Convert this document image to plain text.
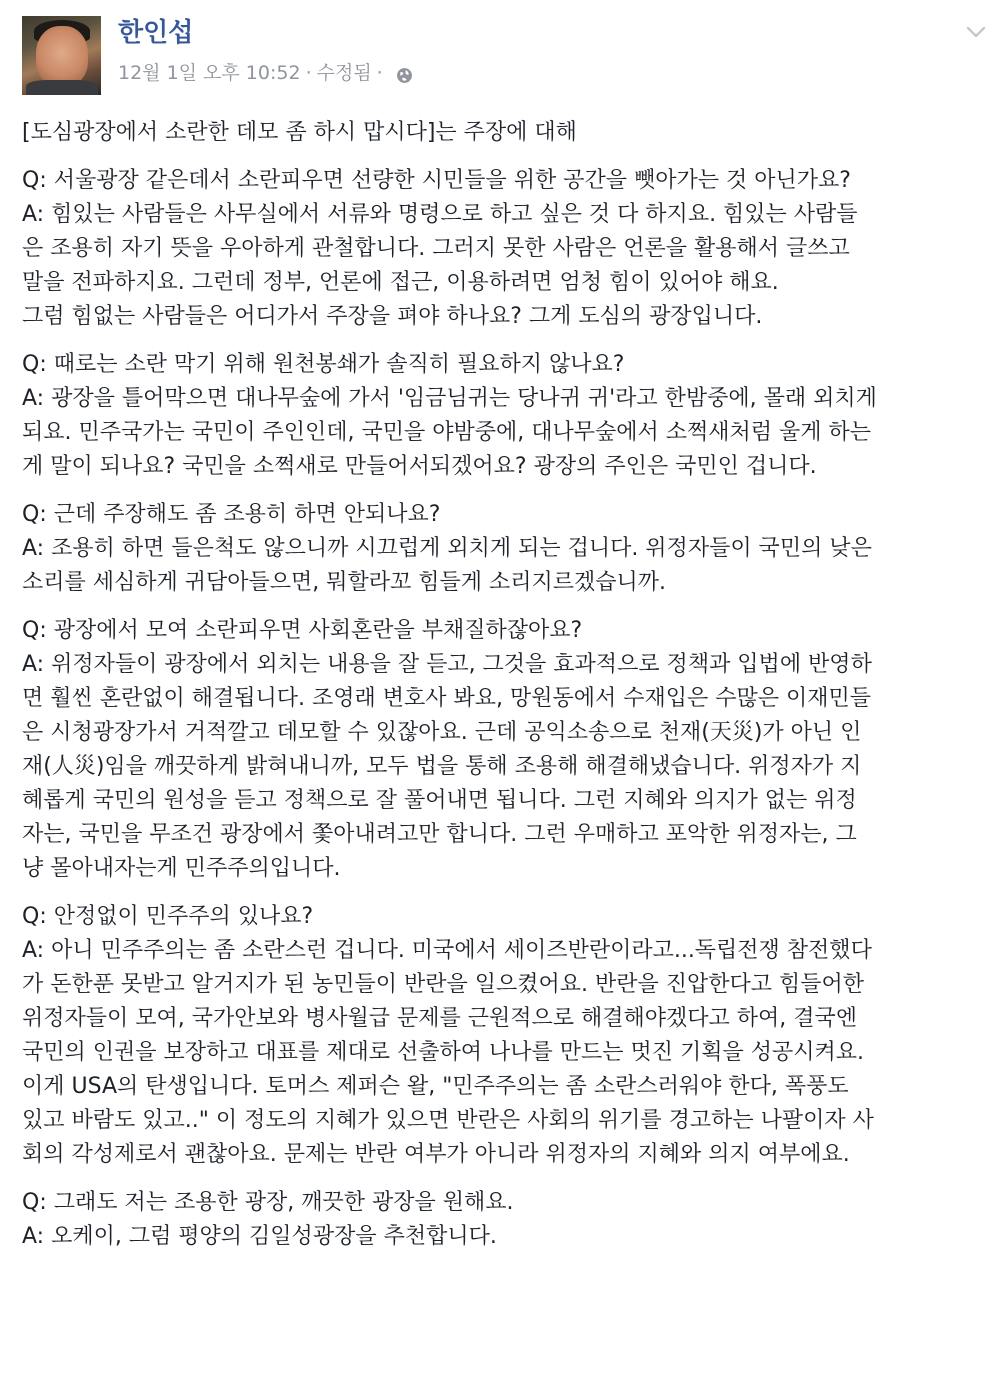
한인섭
12월 1일 오후 10:52 · 수정됨 ·

[도심광장에서 소란한 데모 좀 하시 맙시다]는 주장에 대해

Q: 서울광장 같은데서 소란피우면 선량한 시민들을 위한 공간을 뺏아가는 것 아닌가요?
A: 힘있는 사람들은 사무실에서 서류와 명령으로 하고 싶은 것 다 하지요. 힘있는 사람들
은 조용히 자기 뜻을 우아하게 관철합니다. 그러지 못한 사람은 언론을 활용해서 글쓰고
말을 전파하지요. 그런데 정부, 언론에 접근, 이용하려면 엄청 힘이 있어야 해요.
그럼 힘없는 사람들은 어디가서 주장을 펴야 하나요? 그게 도심의 광장입니다.
Q: 때로는 소란 막기 위해 원천봉쇄가 솔직히 필요하지 않나요?
A: 광장을 틀어막으면 대나무숲에 가서 '임금님귀는 당나귀 귀'라고 한밤중에, 몰래 외치게
되요. 민주국가는 국민이 주인인데, 국민을 야밤중에, 대나무숲에서 소쩍새처럼 울게 하는
게 말이 되나요? 국민을 소쩍새로 만들어서되겠어요? 광장의 주인은 국민인 겁니다.
Q: 근데 주장해도 좀 조용히 하면 안되나요?
A: 조용히 하면 들은척도 않으니까 시끄럽게 외치게 되는 겁니다. 위정자들이 국민의 낮은
소리를 세심하게 귀담아들으면, 뭐할라꼬 힘들게 소리지르겠습니까.
Q: 광장에서 모여 소란피우면 사회혼란을 부채질하잖아요?
A: 위정자들이 광장에서 외치는 내용을 잘 듣고, 그것을 효과적으로 정책과 입법에 반영하
면 훨씬 혼란없이 해결됩니다. 조영래 변호사 봐요, 망원동에서 수재입은 수많은 이재민들
은 시청광장가서 거적깔고 데모할 수 있잖아요. 근데 공익소송으로 천재(天災)가 아닌 인
재(人災)임을 깨끗하게 밝혀내니까, 모두 법을 통해 조용해 해결해냈습니다. 위정자가 지
혜롭게 국민의 원성을 듣고 정책으로 잘 풀어내면 됩니다. 그런 지혜와 의지가 없는 위정
자는, 국민을 무조건 광장에서 쫓아내려고만 합니다. 그런 우매하고 포악한 위정자는, 그
냥 몰아내자는게 민주주의입니다.
Q: 안정없이 민주주의 있나요?
A: 아니 민주주의는 좀 소란스런 겁니다. 미국에서 세이즈반란이라고...독립전쟁 참전했다
가 돈한푼 못받고 알거지가 된 농민들이 반란을 일으켰어요. 반란을 진압한다고 힘들어한
위정자들이 모여, 국가안보와 병사월급 문제를 근원적으로 해결해야겠다고 하여, 결국엔
국민의 인권을 보장하고 대표를 제대로 선출하여 나나를 만드는 멋진 기획을 성공시켜요.
이게 USA의 탄생입니다. 토머스 제퍼슨 왈, "민주주의는 좀 소란스러워야 한다, 폭풍도
있고 바람도 있고.." 이 정도의 지혜가 있으면 반란은 사회의 위기를 경고하는 나팔이자 사
회의 각성제로서 괜찮아요. 문제는 반란 여부가 아니라 위정자의 지혜와 의지 여부에요.
Q: 그래도 저는 조용한 광장, 깨끗한 광장을 원해요.
A: 오케이, 그럼 평양의 김일성광장을 추천합니다.
